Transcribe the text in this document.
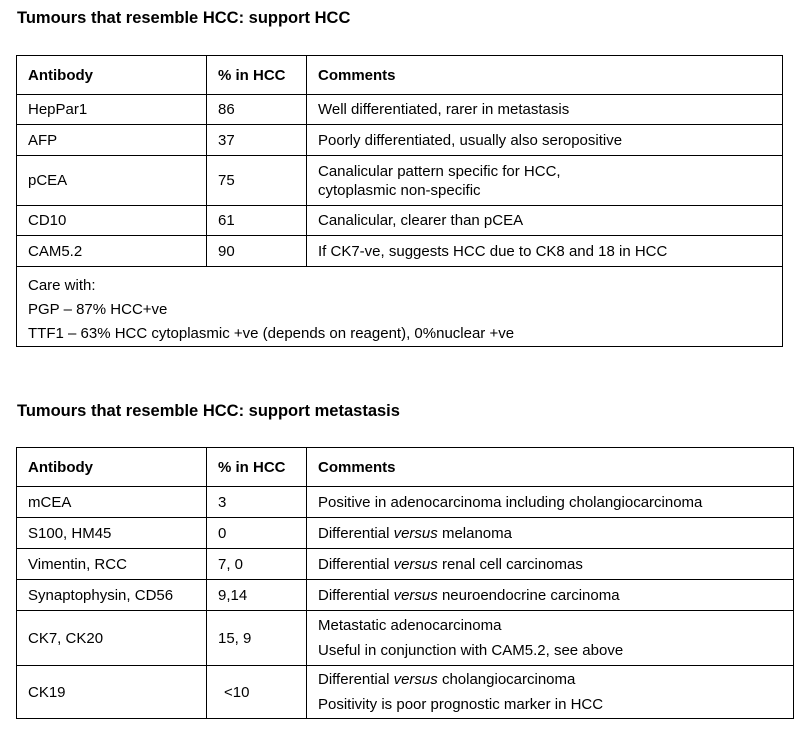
Tumours that resemble HCC: support HCC
Antibody	% in HCC	Comments
HepPar1	86	Well differentiated, rarer in metastasis
AFP	37	Poorly differentiated, usually also seropositive
pCEA	75	Canalicular pattern specific for HCC,
cytoplasmic non-specific

CD10	61	Canalicular, clearer than pCEA
CAM5.2	90	If CK7-ve, suggests HCC due to CK8 and 18 in HCC

Care with:
PGP – 87% HCC+ve
TTF1 – 63% HCC cytoplasmic +ve (depends on reagent), 0%nuclear +ve		
Tumours that resemble HCC: support metastasis
Antibody	% in HCC	Comments
mCEA	3	Positive in adenocarcinoma including cholangiocarcinoma
S100, HM45	0	Differential versus melanoma
Vimentin, RCC	7, 0	Differential versus renal cell carcinomas
Synaptophysin, CD56	9,14	Differential versus neuroendocrine carcinoma
CK7, CK20	15, 9	Metastatic adenocarcinoma
Useful in conjunction with CAM5.2, see above

CK19	<10	Differential versus cholangiocarcinoma
Positivity is poor prognostic marker in HCC
